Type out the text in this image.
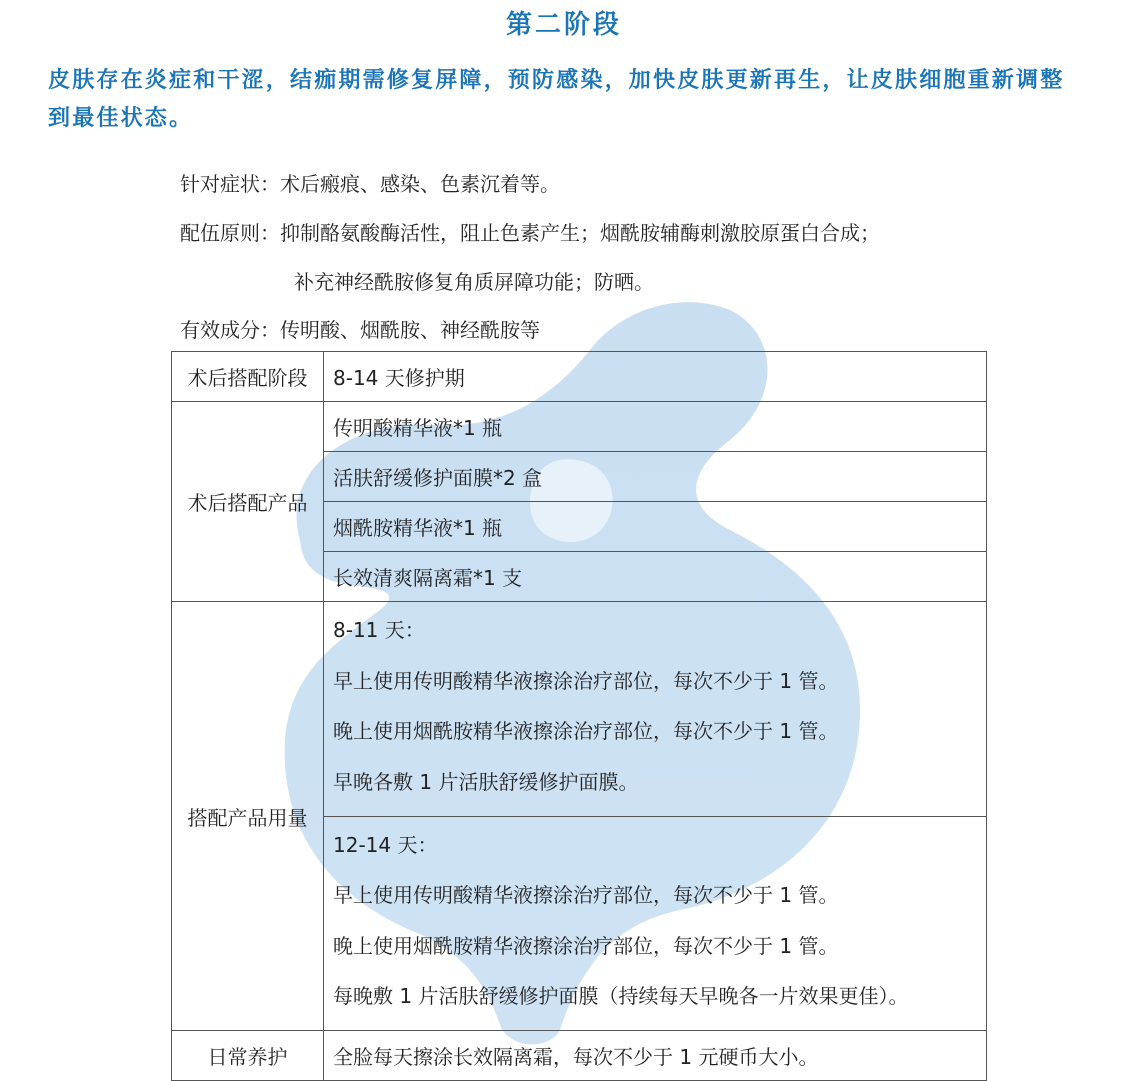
第二阶段
皮肤存在炎症和干涩，结痂期需修复屏障，预防感染，加快皮肤更新再生，让皮肤细胞重新调整到最佳状态。
针对症状：术后瘢痕、感染、色素沉着等。
配伍原则：抑制酪氨酸酶活性，阻止色素产生；烟酰胺辅酶刺激胶原蛋白合成；
补充神经酰胺修复角质屏障功能；防晒。
有效成分：传明酸、烟酰胺、神经酰胺等
术后搭配阶段	8-14 天修护期
术后搭配产品	传明酸精华液*1 瓶
	活肤舒缓修护面膜*2 盒
	烟酰胺精华液*1 瓶
	长效清爽隔离霜*1 支
搭配产品用量	8-11 天：
早上使用传明酸精华液擦涂治疗部位，每次不少于 1 管。
晚上使用烟酰胺精华液擦涂治疗部位，每次不少于 1 管。
早晚各敷 1 片活肤舒缓修护面膜。

	12-14 天：
早上使用传明酸精华液擦涂治疗部位，每次不少于 1 管。
晚上使用烟酰胺精华液擦涂治疗部位，每次不少于 1 管。
每晚敷 1 片活肤舒缓修护面膜（持续每天早晚各一片效果更佳）。

日常养护	全脸每天擦涂长效隔离霜，每次不少于 1 元硬币大小。
